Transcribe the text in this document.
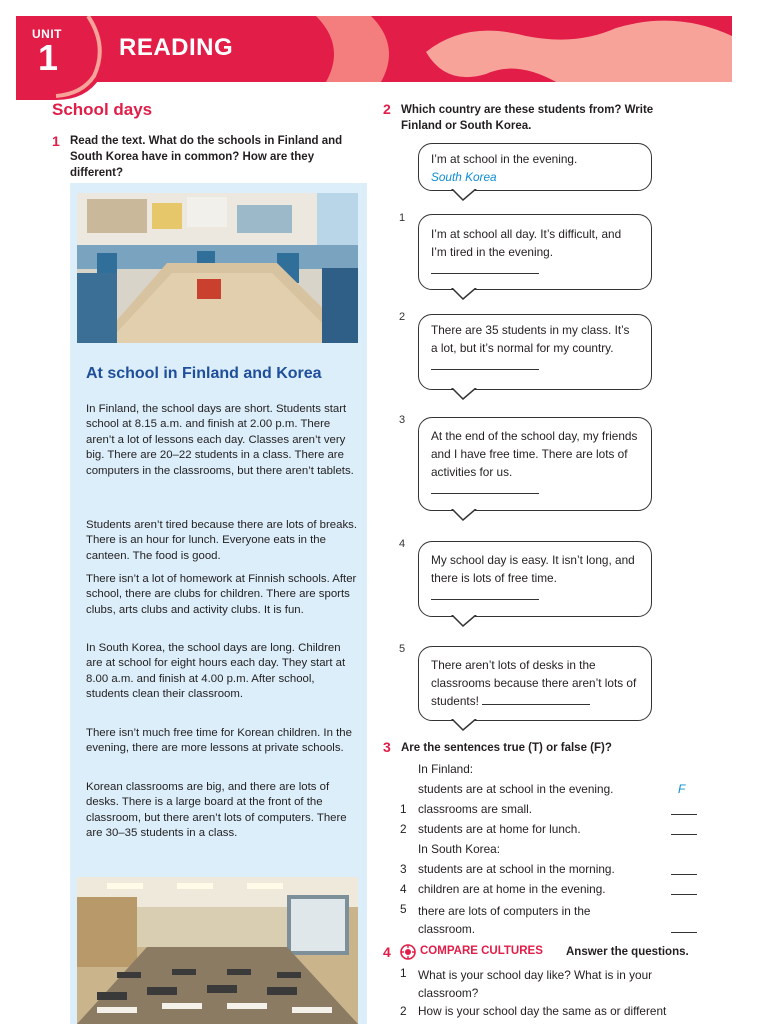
UNIT
1	READING
School days
1 Read the text. What do the schools in Finland and South Korea have in common? How are they different?
At school in Finland and Korea

In Finland, the school days are short. Students start school at 8.15 a.m. and finish at 2.00 p.m. There aren’t a lot of lessons each day. Classes aren’t very big. There are 20–22 students in a class. There are computers in the classrooms, but there aren’t tablets.

Students aren’t tired because there are lots of breaks. There is an hour for lunch. Everyone eats in the canteen. The food is good.

There isn’t a lot of homework at Finnish schools. After school, there are clubs for children. There are sports clubs, arts clubs and activity clubs. It is fun.

In South Korea, the school days are long. Children are at school for eight hours each day. They start at 8.00 a.m. and finish at 4.00 p.m. After school, students clean their classroom.

There isn’t much free time for Korean children. In the evening, there are more lessons at private schools.

Korean classrooms are big, and there are lots of desks. There is a large board at the front of the classroom, but there aren’t lots of computers. There are 30–35 students in a class.

2 Which country are these students from? Write Finland or South Korea.
I’m at school in the evening.
South Korea
1
I’m at school all day. It’s difficult, and I’m tired in the evening.
2
There are 35 students in my class. It’s a lot, but it’s normal for my country.
3
At the end of the school day, my friends and I have free time. There are lots of activities for us.
4
My school day is easy. It isn’t long, and there is lots of free time.
5
There aren’t lots of desks in the classrooms because there aren’t lots of students!
3 Are the sentences true (T) or false (F)?
In Finland:
students are at school in the evening.	F
1 classrooms are small.
2 students are at home for lunch.
In South Korea:
3 students are at school in the morning.
4 children are at home in the evening.
5 there are lots of computers in the classroom.
4	COMPARE CULTURES Answer the questions.
1 What is your school day like? What is in your classroom?
2 How is your school day the same as or different
